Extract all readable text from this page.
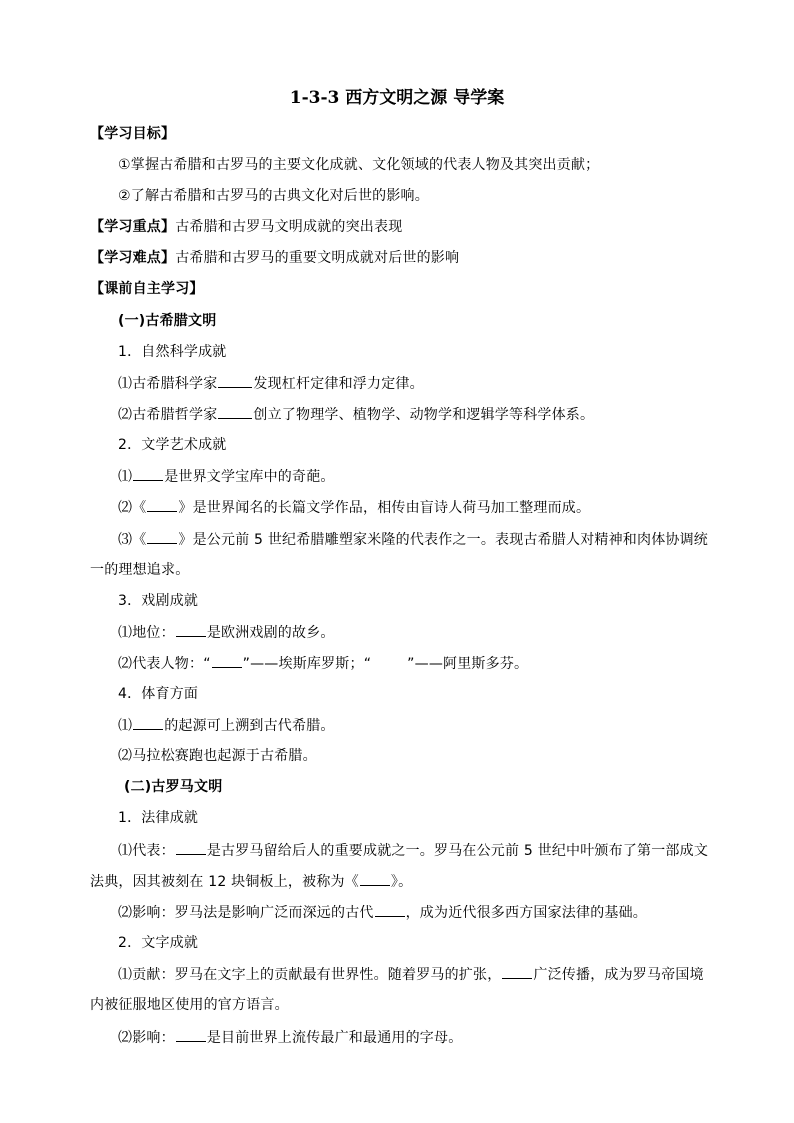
1-3-3 西方文明之源 导学案
【学习目标】
①掌握古希腊和古罗马的主要文化成就、文化领域的代表人物及其突出贡献；
②了解古希腊和古罗马的古典文化对后世的影响。
【学习重点】古希腊和古罗马文明成就的突出表现
【学习难点】古希腊和古罗马的重要文明成就对后世的影响
【课前自主学习】
(一)古希腊文明
1．自然科学成就
⑴古希腊科学家	发现杠杆定律和浮力定律。
⑵古希腊哲学家	创立了物理学、植物学、动物学和逻辑学等科学体系。
2．文学艺术成就
⑴ 是世界文学宝库中的奇葩。
⑵《 》是世界闻名的长篇文学作品，相传由盲诗人荷马加工整理而成。
⑶《 》是公元前 5 世纪希腊雕塑家米隆的代表作之一。表现古希腊人对精神和肉体协调统
一的理想追求。
3．戏剧成就
⑴地位： 是欧洲戏剧的故乡。
⑵代表人物：“ ”——埃斯库罗斯；“	”——阿里斯多芬。
4．体育方面
⑴ 的起源可上溯到古代希腊。
⑵马拉松赛跑也起源于古希腊。
(二)古罗马文明
1．法律成就
⑴代表： 是古罗马留给后人的重要成就之一。罗马在公元前 5 世纪中叶颁布了第一部成文
法典，因其被刻在 12 块铜板上，被称为《 》。
⑵影响：罗马法是影响广泛而深远的古代 ，成为近代很多西方国家法律的基础。
2．文字成就
⑴贡献：罗马在文字上的贡献最有世界性。随着罗马的扩张， 广泛传播，成为罗马帝国境
内被征服地区使用的官方语言。
⑵影响： 是目前世界上流传最广和最通用的字母。
